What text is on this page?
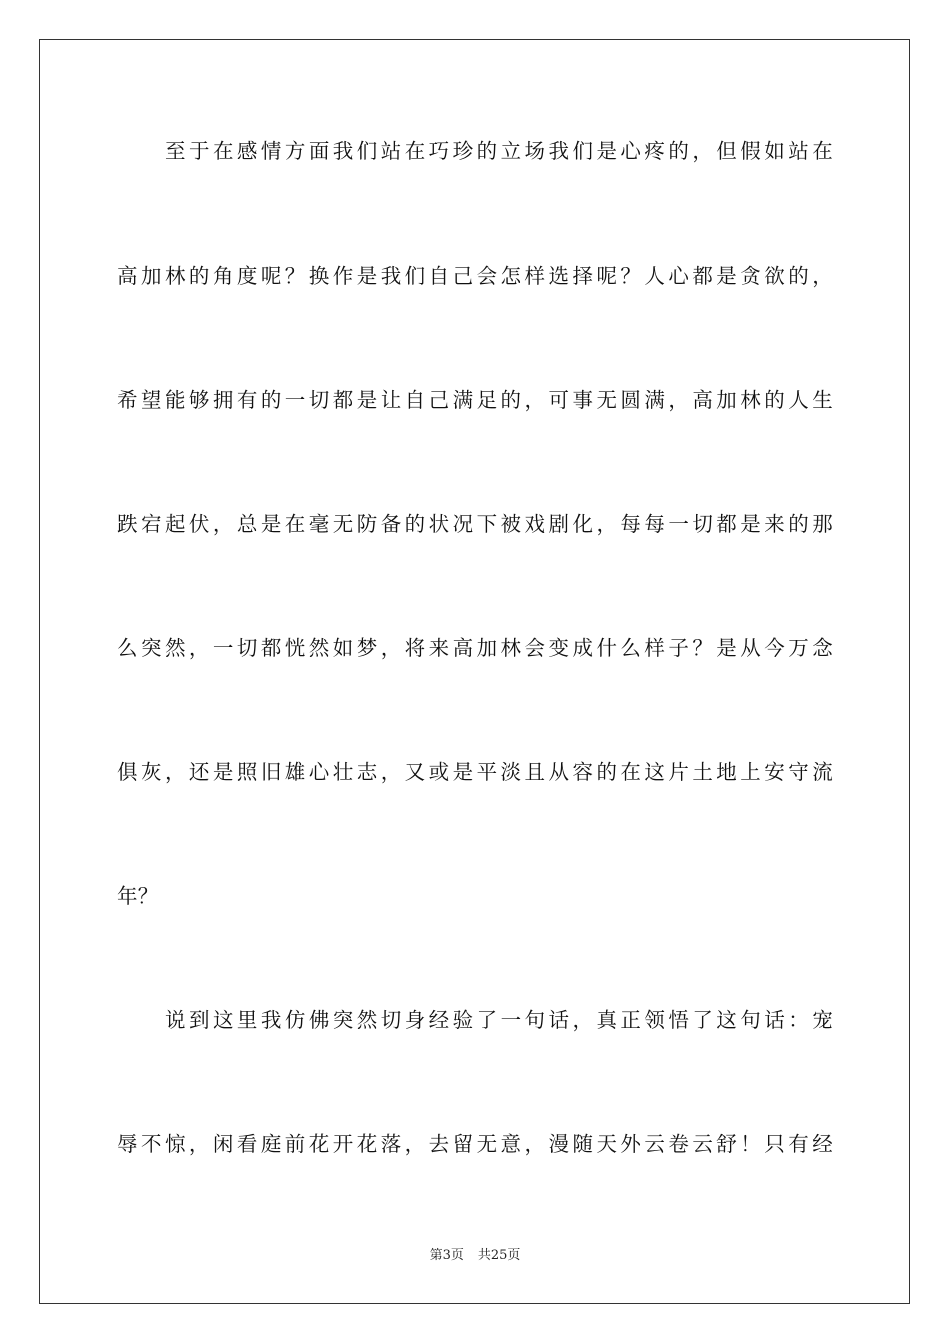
至于在感情方面我们站在巧珍的立场我们是心疼的，但假如站在
高加林的角度呢？换作是我们自己会怎样选择呢？人心都是贪欲的，
希望能够拥有的一切都是让自己满足的，可事无圆满，高加林的人生
跌宕起伏，总是在毫无防备的状况下被戏剧化，每每一切都是来的那
么突然，一切都恍然如梦，将来高加林会变成什么样子？是从今万念
俱灰，还是照旧雄心壮志，又或是平淡且从容的在这片土地上安守流
年？
说到这里我仿佛突然切身经验了一句话，真正领悟了这句话：宠
辱不惊，闲看庭前花开花落，去留无意，漫随天外云卷云舒！只有经
第3页 共25页
